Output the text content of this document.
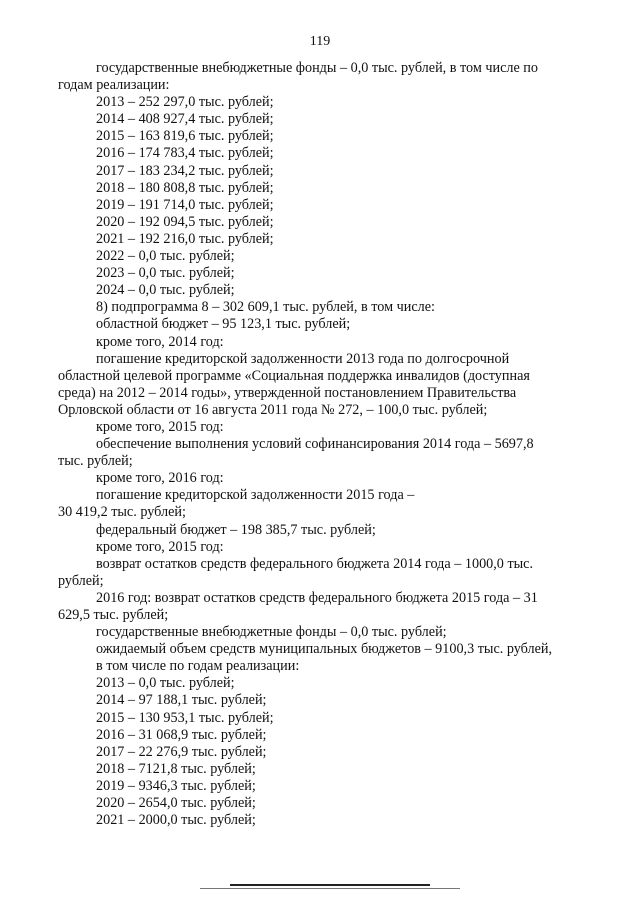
119
государственные внебюджетные фонды – 0,0 тыс. рублей, в том числе по
годам реализации:
2013 – 252 297,0 тыс. рублей;
2014 – 408 927,4 тыс. рублей;
2015 – 163 819,6 тыс. рублей;
2016 – 174 783,4 тыс. рублей;
2017 – 183 234,2 тыс. рублей;
2018 – 180 808,8 тыс. рублей;
2019 – 191 714,0 тыс. рублей;
2020 – 192 094,5 тыс. рублей;
2021 – 192 216,0 тыс. рублей;
2022 – 0,0 тыс. рублей;
2023 – 0,0 тыс. рублей;
2024 – 0,0 тыс. рублей;
8) подпрограмма 8 – 302 609,1 тыс. рублей, в том числе:
областной бюджет – 95 123,1 тыс. рублей;
кроме того, 2014 год:
погашение кредиторской задолженности 2013 года по долгосрочной
областной целевой программе «Социальная поддержка инвалидов (доступная
среда) на 2012 – 2014 годы», утвержденной постановлением Правительства
Орловской области от 16 августа 2011 года № 272, – 100,0 тыс. рублей;
кроме того, 2015 год:
обеспечение выполнения условий софинансирования 2014 года – 5697,8
тыс. рублей;
кроме того, 2016 год:
погашение кредиторской задолженности 2015 года –
30 419,2 тыс. рублей;
федеральный бюджет – 198 385,7 тыс. рублей;
кроме того, 2015 год:
возврат остатков средств федерального бюджета 2014 года – 1000,0 тыс.
рублей;
2016 год: возврат остатков средств федерального бюджета 2015 года – 31
629,5 тыс. рублей;
государственные внебюджетные фонды – 0,0 тыс. рублей;
ожидаемый объем средств муниципальных бюджетов – 9100,3 тыс. рублей,
в том числе по годам реализации:
2013 – 0,0 тыс. рублей;
2014 – 97 188,1 тыс. рублей;
2015 – 130 953,1 тыс. рублей;
2016 – 31 068,9 тыс. рублей;
2017 – 22 276,9 тыс. рублей;
2018 – 7121,8 тыс. рублей;
2019 – 9346,3 тыс. рублей;
2020 – 2654,0 тыс. рублей;
2021 – 2000,0 тыс. рублей;
